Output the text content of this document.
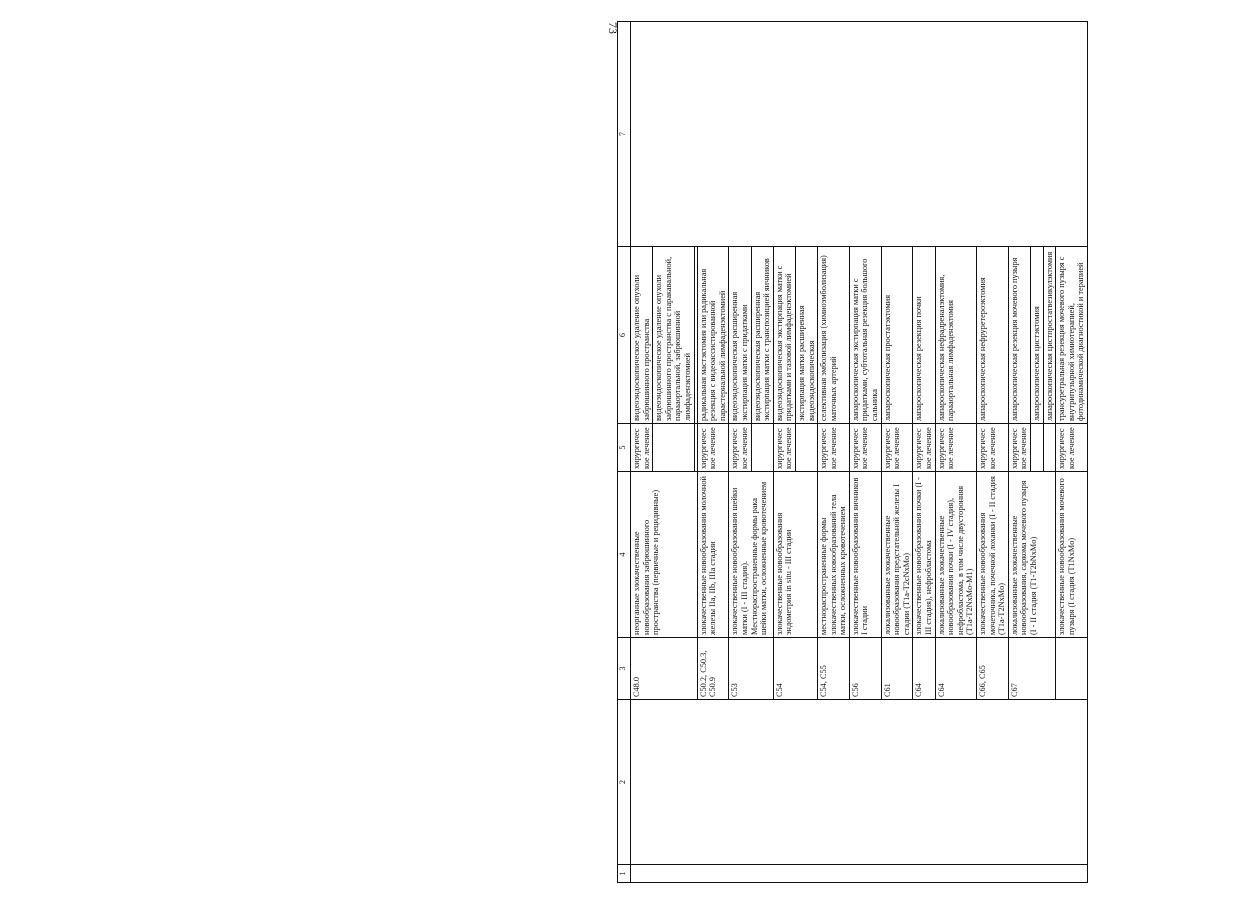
73
1	2	3	4	5	6	7
		C48.0	неорганные злокачественные новообразования забрюшинного пространства (первичные и рецидивные)	хирургическое лечение	видеоэндоскопическое удаление опухоли забрюшинного пространства	
					видеоэндоскопическое удаление опухоли забрюшинного пространства с паракавальной, парааортальной, забрюшинной лимфаденэктомией	

		C50.2, C50.3, C50.9	злокачественные новообразования молочной железы IIa, IIb, IIIa стадии	хирургическое лечение	радикальная мастэктомия или радикальная резекция с видеоассистированной парастернальной лимфаденэктомией	
		C53	злокачественные новообразования шейки матки (I - III стадия). Местнораспространенные формы рака шейки матки, осложненные кровотечением	хирургическое лечение	видеоэндоскопическая расширенная экстирпация матки с придатками	
					видеоэндоскопическая расширенная экстирпация матки с транспозицией яичников	
		C54	злокачественные новообразования эндометрия in situ - III стадии	хирургическое лечение	видеоэндоскопическая экстирпация матки с придатками и тазовой лимфаденэктомией	
					экстирпация матки расширенная видеоэндоскопическая	
		C54, C55	местнораспространенные формы злокачественных новообразований тела матки, осложненных кровотечением	хирургическое лечение	селективная эмболизация (химиоэмболизация) маточных артерий	
		C56	злокачественные новообразования яичников I стадии	хирургическое лечение	лапароскопическая экстирпация матки с придатками, субтотальная резекция большого сальника	
		C61	локализованные злокачественные новообразования предстательной железы I стадии (T1a-T2cNxMo)	хирургическое лечение	лапароскопическая простатэктомия	
		C64	злокачественные новообразования почки (I - III стадия), нефробластома	хирургическое лечение	лапароскопическая резекция почки	
		C64	локализованные злокачественные новообразования почки (I - IV стадия), нефробластома, в том числе двусторонняя (T1a-T2NxMo-M1)	хирургическое лечение	лапароскопическая нефрадреналэктомия, парааортальная лимфаденэктомия	
		C66, C65	злокачественные новообразования мочеточника, почечной лоханки (I - II стадия (T1a-T2NxMo)	хирургическое лечение	лапароскопическая нефруретероэктомия	
		C67	локализованные злокачественные новообразования, саркома мочевого пузыря (I - II стадия (T1-T2bNxMo)	хирургическое лечение	лапароскопическая резекция мочевого пузыря	
					лапароскопическая цистэктомия	
					лапароскопическая цистпростатвезикулэктомия	
			злокачественные новообразования мочевого пузыря (I стадия (T1NxMo)	хирургическое лечение	трансуретральная резекция мочевого пузыря с внутрипузырной химиотерапией, фотодинамической диагностикой и терапией	
